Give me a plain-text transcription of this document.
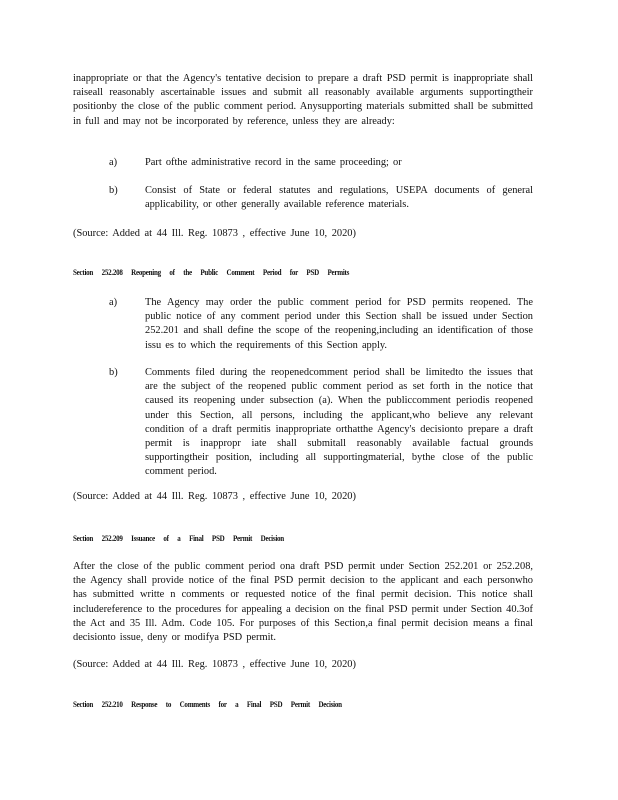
inappropriate or that the Agency's tentative decision to prepare a draft PSD permit is inappropriate shall raiseall reasonably ascertainable issues and submit all reasonably available arguments supportingtheir positionby the close of the public comment period. Anysupporting materials submitted shall be submitted in full and may not be incorporated by reference, unless they are already:
a)	Part ofthe administrative record in the same proceeding; or
b)	Consist of State or federal statutes and regulations, USEPA documents of general applicability, or other generally available reference materials.
(Source: Added at 44 Ill. Reg. 10873 , effective June 10, 2020)
Section 252.208 Reopening of the Public Comment Period for PSD Permits
a)	The Agency may order the public comment period for PSD permits reopened. The public notice of any comment period under this Section shall be issued under Section 252.201 and shall define the scope of the reopening,including an identification of those issu es to which the requirements of this Section apply.
b)	Comments filed during the reopenedcomment period shall be limitedto the issues that are the subject of the reopened public comment period as set forth in the notice that caused its reopening under subsection (a). When the publiccomment periodis reopened under this Section, all persons, including the applicant,who believe any relevant condition of a draft permitis inappropriate orthatthe Agency's decisionto prepare a draft permit is inappropr iate shall submitall reasonably available factual grounds supportingtheir position, including all supportingmaterial, bythe close of the public comment period.
(Source: Added at 44 Ill. Reg. 10873 , effective June 10, 2020)
Section 252.209 Issuance of a Final PSD Permit Decision
After the close of the public comment period ona draft PSD permit under Section 252.201 or 252.208, the Agency shall provide notice of the final PSD permit decision to the applicant and each personwho has submitted writte n comments or requested notice of the final permit decision. This notice shall includereference to the procedures for appealing a decision on the final PSD permit under Section 40.3of the Act and 35 Ill. Adm. Code 105. For purposes of this Section,a final permit decision means a final decisionto issue, deny or modifya PSD permit.
(Source: Added at 44 Ill. Reg. 10873 , effective June 10, 2020)
Section 252.210 Response to Comments for a Final PSD Permit Decision
